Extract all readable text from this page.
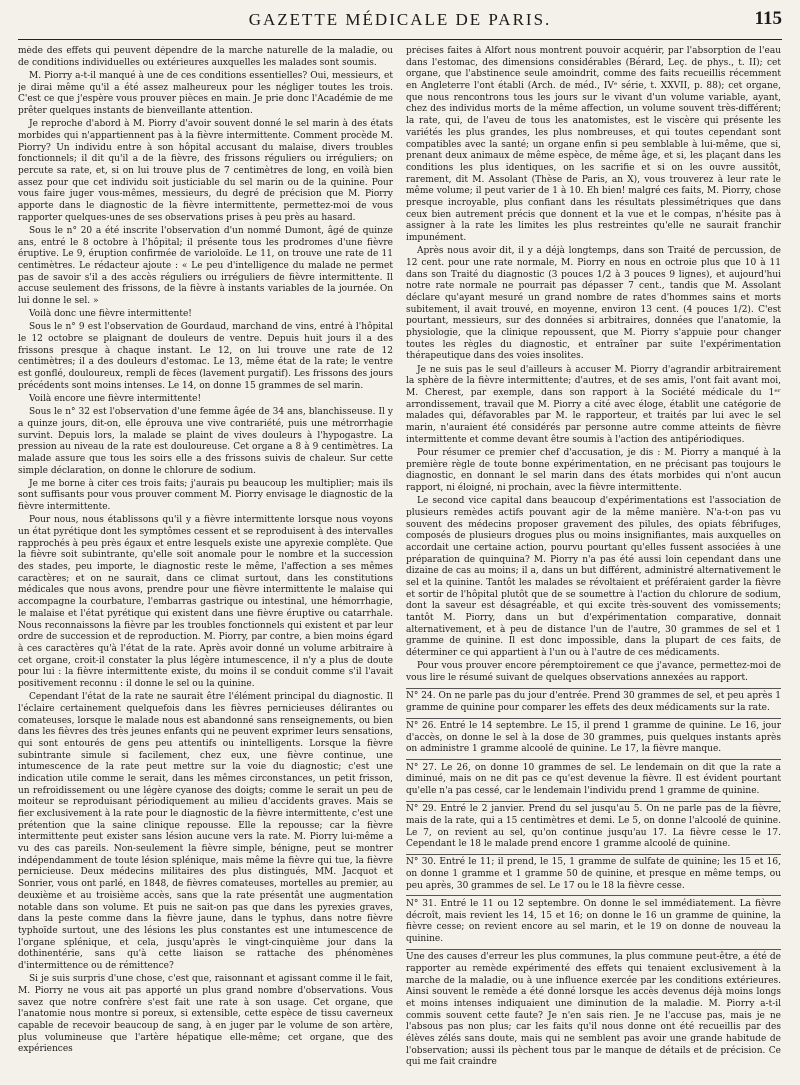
GAZETTE MÉDICALE DE PARIS.	115

mède des effets qui peuvent dépendre de la marche naturelle de la maladie, ou de conditions individuelles ou extérieures auxquelles les malades sont soumis.

M. Piorry a-t-il manqué à une de ces conditions essentielles? Oui, messieurs, et je dirai même qu'il a été assez malheureux pour les négliger toutes les trois. C'est ce que j'espère vous prouver pièces en main. Je prie donc l'Académie de me prêter quelques instants de bienveillante attention.

Je reproche d'abord à M. Piorry d'avoir souvent donné le sel marin à des états morbides qui n'appartiennent pas à la fièvre intermittente. Comment procède M. Piorry? Un individu entre à son hôpital accusant du malaise, divers troubles fonctionnels; il dit qu'il a de la fièvre, des frissons réguliers ou irréguliers; on percute sa rate, et, si on lui trouve plus de 7 centimètres de long, en voilà bien assez pour que cet individu soit justiciable du sel marin ou de la quinine. Pour vous faire juger vous-mêmes, messieurs, du degré de précision que M. Piorry apporte dans le diagnostic de la fièvre intermittente, permettez-moi de vous rapporter quelques-unes de ses observations prises à peu près au hasard.

Sous le n° 20 a été inscrite l'observation d'un nommé Dumont, âgé de quinze ans, entré le 8 octobre à l'hôpital; il présente tous les prodromes d'une fièvre éruptive. Le 9, éruption confirmée de varioloïde. Le 11, on trouve une rate de 11 centimètres. Le rédacteur ajoute : « Le peu d'intelligence du malade ne permet pas de savoir s'il a des accès réguliers ou irréguliers de fièvre intermittente. Il accuse seulement des frissons, de la fièvre à instants variables de la journée. On lui donne le sel. »

Voilà donc une fièvre intermittente!

Sous le n° 9 est l'observation de Gourdaud, marchand de vins, entré à l'hôpital le 12 octobre se plaignant de douleurs de ventre. Depuis huit jours il a des frissons presque à chaque instant. Le 12, on lui trouve une rate de 12 centimètres; il a des douleurs d'estomac. Le 13, même état de la rate; le ventre est gonflé, douloureux, rempli de fèces (lavement purgatif). Les frissons des jours précédents sont moins intenses. Le 14, on donne 15 grammes de sel marin.

Voilà encore une fièvre intermittente!

Sous le n° 32 est l'observation d'une femme âgée de 34 ans, blanchisseuse. Il y a quinze jours, dit-on, elle éprouva une vive contrariété, puis une métrorrhagie survint. Depuis lors, la malade se plaint de vives douleurs à l'hypogastre. La pression au niveau de la rate est douloureuse. Cet organe a 8 à 9 centimètres. La malade assure que tous les soirs elle a des frissons suivis de chaleur. Sur cette simple déclaration, on donne le chlorure de sodium.

Je me borne à citer ces trois faits; j'aurais pu beaucoup les multiplier; mais ils sont suffisants pour vous prouver comment M. Piorry envisage le diagnostic de la fièvre intermittente.

Pour nous, nous établissons qu'il y a fièvre intermittente lorsque nous voyons un état pyrétique dont les symptômes cessent et se reproduisent à des intervalles rapprochés à peu près égaux et entre lesquels existe une apyrexie complète. Que la fièvre soit subintrante, qu'elle soit anomale pour le nombre et la succession des stades, peu importe, le diagnostic reste le même, l'affection a ses mêmes caractères; et on ne saurait, dans ce climat surtout, dans les constitutions médicales que nous avons, prendre pour une fièvre intermittente le malaise qui accompagne la courbature, l'embarras gastrique ou intestinal, une hémorrhagie, le malaise et l'état pyrétique qui existent dans une fièvre éruptive ou catarrhale. Nous reconnaissons la fièvre par les troubles fonctionnels qui existent et par leur ordre de succession et de reproduction. M. Piorry, par contre, a bien moins égard à ces caractères qu'à l'état de la rate. Après avoir donné un volume arbitraire à cet organe, croit-il constater la plus légère intumescence, il n'y a plus de doute pour lui : la fièvre intermittente existe, du moins il se conduit comme s'il l'avait positivement reconnu : il donne le sel ou la quinine.

Cependant l'état de la rate ne saurait être l'élément principal du diagnostic. Il l'éclaire certainement quelquefois dans les fièvres pernicieuses délirantes ou comateuses, lorsque le malade nous est abandonné sans renseignements, ou bien dans les fièvres des très jeunes enfants qui ne peuvent exprimer leurs sensations, qui sont entourés de gens peu attentifs ou inintelligents. Lorsque la fièvre subintrante simule si facilement, chez eux, une fièvre continue, une intumescence de la rate peut mettre sur la voie du diagnostic; c'est une indication utile comme le serait, dans les mêmes circonstances, un petit frisson, un refroidissement ou une légère cyanose des doigts; comme le serait un peu de moiteur se reproduisant périodiquement au milieu d'accidents graves. Mais se fier exclusivement à la rate pour le diagnostic de la fièvre intermittente, c'est une prétention que la saine clinique repousse. Elle la repousse; car la fièvre intermittente peut exister sans lésion aucune vers la rate. M. Piorry lui-même a vu des cas pareils. Non-seulement la fièvre simple, bénigne, peut se montrer indépendamment de toute lésion splénique, mais même la fièvre qui tue, la fièvre pernicieuse. Deux médecins militaires des plus distingués, MM. Jacquot et Sonrier, vous ont parlé, en 1848, de fièvres comateuses, mortelles au premier, au deuxième et au troisième accès, sans que la rate présentât une augmentation notable dans son volume. Et puis ne sait-on pas que dans les pyrexies graves, dans la peste comme dans la fièvre jaune, dans le typhus, dans notre fièvre typhoïde surtout, une des lésions les plus constantes est une intumescence de l'organe splénique, et cela, jusqu'après le vingt-cinquième jour dans la dothinentérie, sans qu'à cette liaison se rattache des phénomènes d'intermittence ou de rémittence?

Si je suis surpris d'une chose, c'est que, raisonnant et agissant comme il le fait, M. Piorry ne vous ait pas apporté un plus grand nombre d'observations. Vous savez que notre confrère s'est fait une rate à son usage. Cet organe, que l'anatomie nous montre si poreux, si extensible, cette espèce de tissu caverneux capable de recevoir beaucoup de sang, à en juger par le volume de son artère, plus volumineuse que l'artère hépatique elle-même; cet organe, que des expériences

précises faites à Alfort nous montrent pouvoir acquérir, par l'absorption de l'eau dans l'estomac, des dimensions considérables (Bérard, Leç. de phys., t. II); cet organe, que l'abstinence seule amoindrit, comme des faits recueillis récemment en Angleterre l'ont établi (Arch. de méd., IVᵉ série, t. XXVII, p. 88); cet organe, que nous rencontrons tous les jours sur le vivant d'un volume variable, ayant, chez des individus morts de la même affection, un volume souvent très-différent; la rate, qui, de l'aveu de tous les anatomistes, est le viscère qui présente les variétés les plus grandes, les plus nombreuses, et qui toutes cependant sont compatibles avec la santé; un organe enfin si peu semblable à lui-même, que si, prenant deux animaux de même espèce, de même âge, et si, les plaçant dans les conditions les plus identiques, on les sacrifie et si on les ouvre aussitôt, rarement, dit M. Assolant (Thèse de Paris, an X), vous trouverez à leur rate le même volume; il peut varier de 1 à 10. Eh bien! malgré ces faits, M. Piorry, chose presque incroyable, plus confiant dans les résultats plessimétriques que dans ceux bien autrement précis que donnent et la vue et le compas, n'hésite pas à assigner à la rate les limites les plus restreintes qu'elle ne saurait franchir impunément.

Après nous avoir dit, il y a déjà longtemps, dans son Traité de percussion, de 12 cent. pour une rate normale, M. Piorry en nous en octroie plus que 10 à 11 dans son Traité du diagnostic (3 pouces 1/2 à 3 pouces 9 lignes), et aujourd'hui notre rate normale ne pourrait pas dépasser 7 cent., tandis que M. Assolant déclare qu'ayant mesuré un grand nombre de rates d'hommes sains et morts subitement, il avait trouvé, en moyenne, environ 13 cent. (4 pouces 1/2). C'est pourtant, messieurs, sur des données si arbitraires, données que l'anatomie, la physiologie, que la clinique repoussent, que M. Piorry s'appuie pour changer toutes les règles du diagnostic, et entraîner par suite l'expérimentation thérapeutique dans des voies insolites.

Je ne suis pas le seul d'ailleurs à accuser M. Piorry d'agrandir arbitrairement la sphère de la fièvre intermittente; d'autres, et de ses amis, l'ont fait avant moi, M. Cherest, par exemple, dans son rapport à la Société médicale du 1ᵉʳ arrondissement, travail que M. Piorry a cité avec éloge, établit une catégorie de malades qui, défavorables par M. le rapporteur, et traités par lui avec le sel marin, n'auraient été considérés par personne autre comme atteints de fièvre intermittente et comme devant être soumis à l'action des antipériodiques.

Pour résumer ce premier chef d'accusation, je dis : M. Piorry a manqué à la première règle de toute bonne expérimentation, en ne précisant pas toujours le diagnostic, en donnant le sel marin dans des états morbides qui n'ont aucun rapport, ni éloigné, ni prochain, avec la fièvre intermittente.

Le second vice capital dans beaucoup d'expérimentations est l'association de plusieurs remèdes actifs pouvant agir de la même manière. N'a-t-on pas vu souvent des médecins proposer gravement des pilules, des opiats fébrifuges, composés de plusieurs drogues plus ou moins insignifiantes, mais auxquelles on accordait une certaine action, pourvu pourtant qu'elles fussent associées à une préparation de quinquina? M. Piorry n'a pas été aussi loin cependant dans une dizaine de cas au moins; il a, dans un but différent, administré alternativement le sel et la quinine. Tantôt les malades se révoltaient et préféraient garder la fièvre et sortir de l'hôpital plutôt que de se soumettre à l'action du chlorure de sodium, dont la saveur est désagréable, et qui excite très-souvent des vomissements; tantôt M. Piorry, dans un but d'expérimentation comparative, donnait alternativement, et à peu de distance l'un de l'autre, 30 grammes de sel et 1 gramme de quinine. Il est donc impossible, dans la plupart de ces faits, de déterminer ce qui appartient à l'un ou à l'autre de ces médicaments.

Pour vous prouver encore péremptoirement ce que j'avance, permettez-moi de vous lire le résumé suivant de quelques observations annexées au rapport.

N° 24. On ne parle pas du jour d'entrée. Prend 30 grammes de sel, et peu après 1 gramme de quinine pour comparer les effets des deux médicaments sur la rate.

N° 26. Entré le 14 septembre. Le 15, il prend 1 gramme de quinine. Le 16, jour d'accès, on donne le sel à la dose de 30 grammes, puis quelques instants après on administre 1 gramme alcoolé de quinine. Le 17, la fièvre manque.

N° 27. Le 26, on donne 10 grammes de sel. Le lendemain on dit que la rate a diminué, mais on ne dit pas ce qu'est devenue la fièvre. Il est évident pourtant qu'elle n'a pas cessé, car le lendemain l'individu prend 1 gramme de quinine.

N° 29. Entré le 2 janvier. Prend du sel jusqu'au 5. On ne parle pas de la fièvre, mais de la rate, qui a 15 centimètres et demi. Le 5, on donne l'alcoolé de quinine. Le 7, on revient au sel, qu'on continue jusqu'au 17. La fièvre cesse le 17. Cependant le 18 le malade prend encore 1 gramme alcoolé de quinine.

N° 30. Entré le 11; il prend, le 15, 1 gramme de sulfate de quinine; les 15 et 16, on donne 1 gramme et 1 gramme 50 de quinine, et presque en même temps, ou peu après, 30 grammes de sel. Le 17 ou le 18 la fièvre cesse.

N° 31. Entré le 11 ou 12 septembre. On donne le sel immédiatement. La fièvre décroît, mais revient les 14, 15 et 16; on donne le 16 un gramme de quinine, la fièvre cesse; on revient encore au sel marin, et le 19 on donne de nouveau la quinine.

Une des causes d'erreur les plus communes, la plus commune peut-être, a été de rapporter au remède expérimenté des effets qui tenaient exclusivement à la marche de la maladie, ou à une influence exercée par les conditions extérieures. Ainsi souvent le remède a été donné lorsque les accès devenus déjà moins longs et moins intenses indiquaient une diminution de la maladie. M. Piorry a-t-il commis souvent cette faute? Je n'en sais rien. Je ne l'accuse pas, mais je ne l'absous pas non plus; car les faits qu'il nous donne ont été recueillis par des élèves zélés sans doute, mais qui ne semblent pas avoir une grande habitude de l'observation; aussi ils pèchent tous par le manque de détails et de précision. Ce qui me fait craindre
